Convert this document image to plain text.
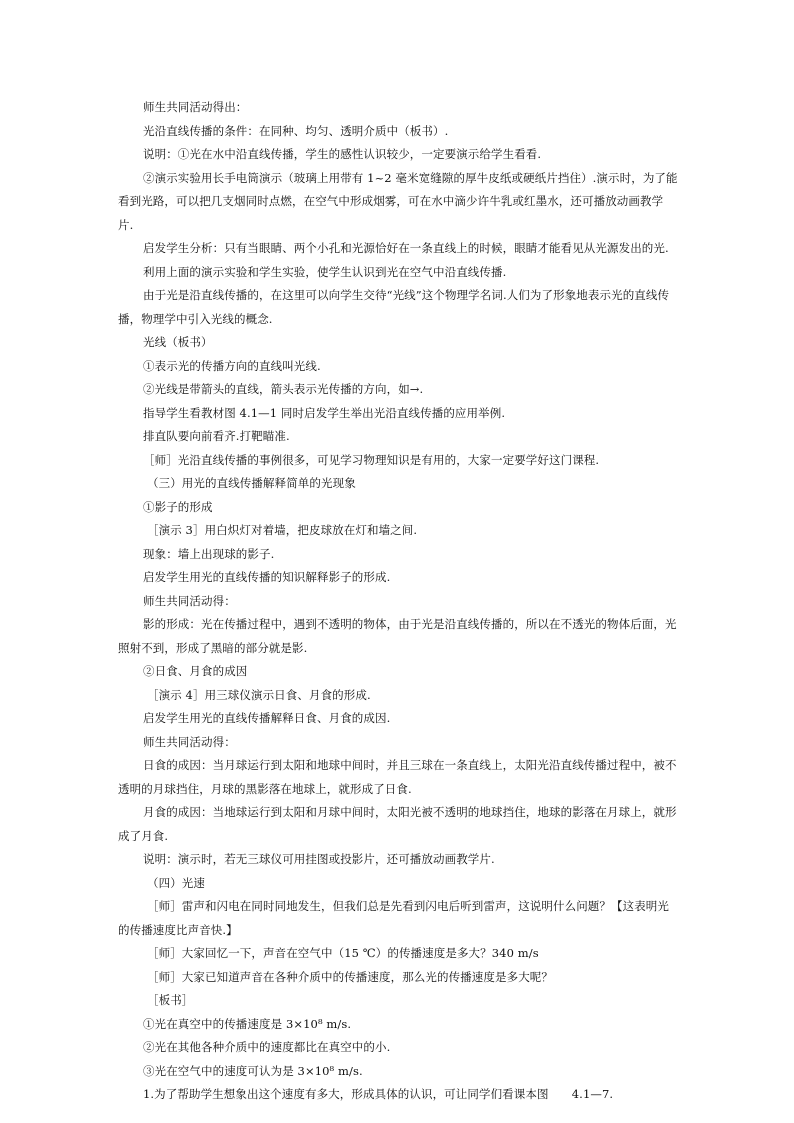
师生共同活动得出：

光沿直线传播的条件：在同种、均匀、透明介质中（板书）.

说明：①光在水中沿直线传播，学生的感性认识较少，一定要演示给学生看看.

②演示实验用长手电筒演示（玻璃上用带有 1~2 毫米宽缝隙的厚牛皮纸或硬纸片挡住）.演示时，为了能看到光路，可以把几支烟同时点燃，在空气中形成烟雾，可在水中滴少许牛乳或红墨水，还可播放动画教学片.

启发学生分析：只有当眼睛、两个小孔和光源恰好在一条直线上的时候，眼睛才能看见从光源发出的光.

利用上面的演示实验和学生实验，使学生认识到光在空气中沿直线传播.

由于光是沿直线传播的，在这里可以向学生交待“光线”这个物理学名词.人们为了形象地表示光的直线传播，物理学中引入光线的概念.

光线（板书）

①表示光的传播方向的直线叫光线.

②光线是带箭头的直线，箭头表示光传播的方向，如→.

指导学生看教材图 4.1—1 同时启发学生举出光沿直线传播的应用举例.

排直队要向前看齐.打靶瞄准.

［师］光沿直线传播的事例很多，可见学习物理知识是有用的，大家一定要学好这门课程.

（三）用光的直线传播解释简单的光现象

①影子的形成

［演示 3］用白炽灯对着墙，把皮球放在灯和墙之间.

现象：墙上出现球的影子.

启发学生用光的直线传播的知识解释影子的形成.

师生共同活动得：

影的形成：光在传播过程中，遇到不透明的物体，由于光是沿直线传播的，所以在不透光的物体后面，光照射不到，形成了黑暗的部分就是影.

②日食、月食的成因

［演示 4］用三球仪演示日食、月食的形成.

启发学生用光的直线传播解释日食、月食的成因.

师生共同活动得：

日食的成因：当月球运行到太阳和地球中间时，并且三球在一条直线上，太阳光沿直线传播过程中，被不透明的月球挡住，月球的黑影落在地球上，就形成了日食.

月食的成因：当地球运行到太阳和月球中间时，太阳光被不透明的地球挡住，地球的影落在月球上，就形成了月食.

说明：演示时，若无三球仪可用挂图或投影片，还可播放动画教学片.

（四）光速

［师］雷声和闪电在同时同地发生，但我们总是先看到闪电后听到雷声，这说明什么问题？【这表明光的传播速度比声音快.】

［师］大家回忆一下，声音在空气中（15 ℃）的传播速度是多大？340 m/s

［师］大家已知道声音在各种介质中的传播速度，那么光的传播速度是多大呢？

［板书］

①光在真空中的传播速度是 3×10⁸ m/s.

②光在其他各种介质中的速度都比在真空中的小.

③光在空气中的速度可认为是 3×10⁸ m/s.

1.为了帮助学生想象出这个速度有多大，形成具体的认识，可让同学们看课本图　　4.1—7.
